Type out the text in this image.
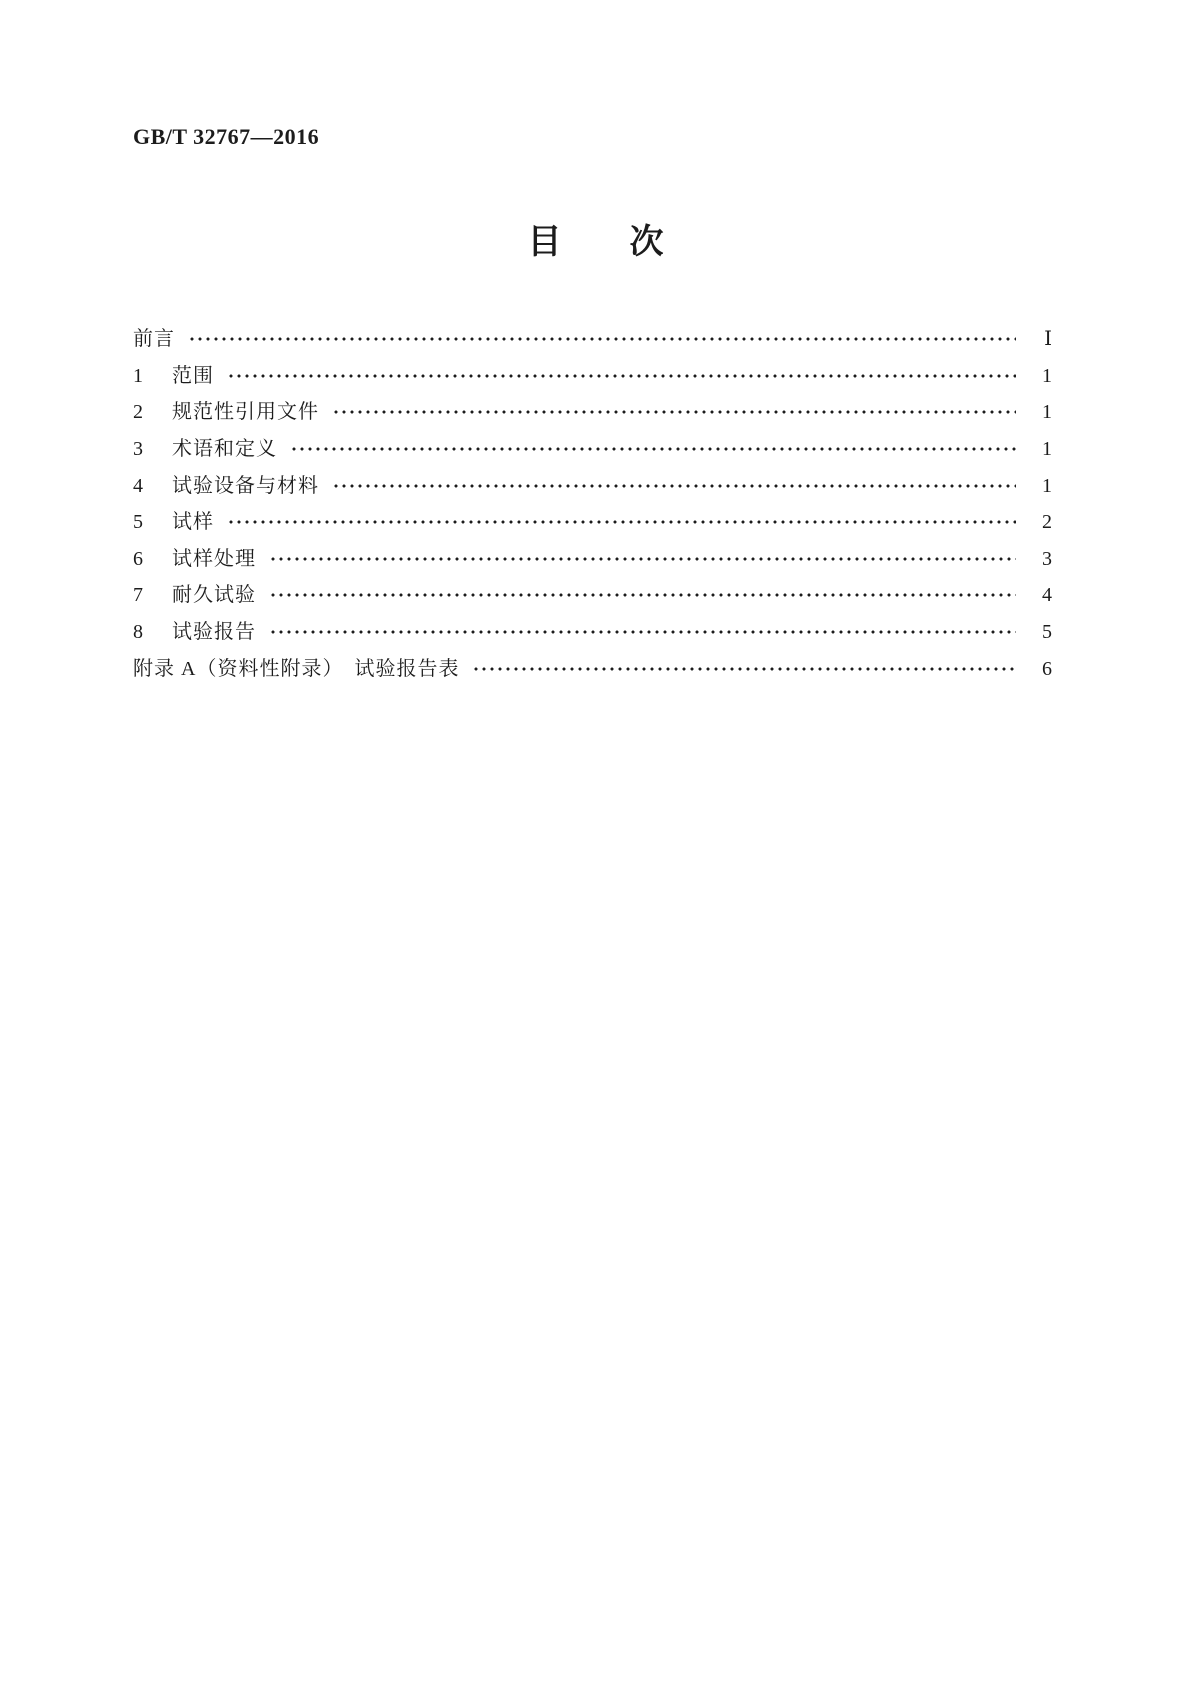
GB/T 32767—2016
目　　次
前言	Ⅰ
1 范围	1
2 规范性引用文件	1
3 术语和定义	1
4 试验设备与材料	1
5 试样	2
6 试样处理	3
7 耐久试验	4
8 试验报告	5
附录 A（资料性附录）　试验报告表	6
